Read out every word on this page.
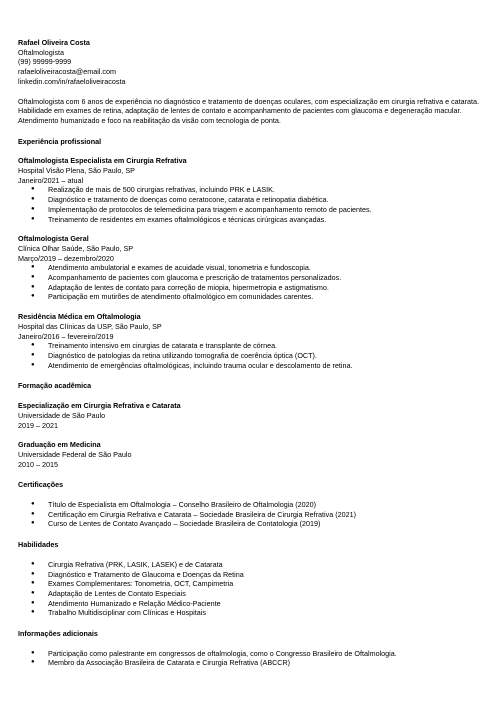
Rafael Oliveira Costa

Oftalmologista

(99) 99999-9999

rafaeloliveiracosta@email.com

linkedin.com/in/rafaeloliveiracosta

Oftalmologista com 6 anos de experiência no diagnóstico e tratamento de doenças oculares, com especialização em cirurgia refrativa e catarata. Habilidade em exames de retina, adaptação de lentes de contato e acompanhamento de pacientes com glaucoma e degeneração macular. Atendimento humanizado e foco na reabilitação da visão com tecnologia de ponta.

Experiência profissional

Oftalmologista Especialista em Cirurgia Refrativa

Hospital Visão Plena, São Paulo, SP

Janeiro/2021 – atual

● Realização de mais de 500 cirurgias refrativas, incluindo PRK e LASIK.
● Diagnóstico e tratamento de doenças como ceratocone, catarata e retinopatia diabética.
● Implementação de protocolos de telemedicina para triagem e acompanhamento remoto de pacientes.
● Treinamento de residentes em exames oftalmológicos e técnicas cirúrgicas avançadas.

Oftalmologista Geral

Clínica Olhar Saúde, São Paulo, SP

Março/2019 – dezembro/2020

● Atendimento ambulatorial e exames de acuidade visual, tonometria e fundoscopia.
● Acompanhamento de pacientes com glaucoma e prescrição de tratamentos personalizados.
● Adaptação de lentes de contato para correção de miopia, hipermetropia e astigmatismo.
● Participação em mutirões de atendimento oftalmológico em comunidades carentes.

Residência Médica em Oftalmologia

Hospital das Clínicas da USP, São Paulo, SP

Janeiro/2016 – fevereiro/2019

● Treinamento intensivo em cirurgias de catarata e transplante de córnea.
● Diagnóstico de patologias da retina utilizando tomografia de coerência óptica (OCT).
● Atendimento de emergências oftalmológicas, incluindo trauma ocular e descolamento de retina.

Formação acadêmica

Especialização em Cirurgia Refrativa e Catarata

Universidade de São Paulo

2019 – 2021

Graduação em Medicina

Universidade Federal de São Paulo

2010 – 2015

Certificações

● Título de Especialista em Oftalmologia – Conselho Brasileiro de Oftalmologia (2020)
● Certificação em Cirurgia Refrativa e Catarata – Sociedade Brasileira de Cirurgia Refrativa (2021)
● Curso de Lentes de Contato Avançado – Sociedade Brasileira de Contatologia (2019)

Habilidades

● Cirurgia Refrativa (PRK, LASIK, LASEK) e de Catarata
● Diagnóstico e Tratamento de Glaucoma e Doenças da Retina
● Exames Complementares: Tonometria, OCT, Campimetria
● Adaptação de Lentes de Contato Especiais
● Atendimento Humanizado e Relação Médico-Paciente
● Trabalho Multidisciplinar com Clínicas e Hospitais

Informações adicionais

● Participação como palestrante em congressos de oftalmologia, como o Congresso Brasileiro de Oftalmologia.
● Membro da Associação Brasileira de Catarata e Cirurgia Refrativa (ABCCR)
